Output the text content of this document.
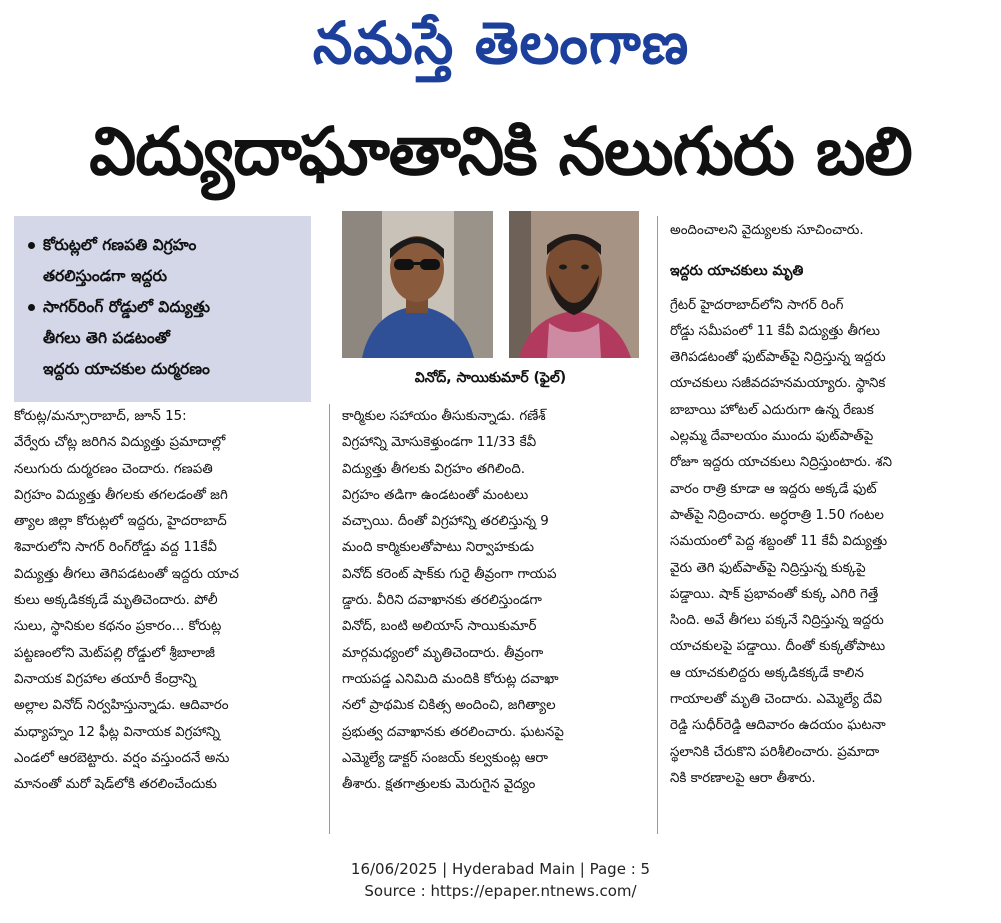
నమస్తే తెలంగాణ
విద్యుదాఘాతానికి నలుగురు బలి
కోరుట్లలో గణపతి విగ్రహం
తరలిస్తుండగా ఇద్దరు
సాగర్‌రింగ్ రోడ్డులో విద్యుత్తు
తీగలు తెగి పడటంతో
ఇద్దరు యాచకుల దుర్మరణం	వినోద్, సాయికుమార్ (ఫైల్)
కోరుట్ల/మన్సూరాబాద్, జూన్ 15:
వేర్వేరు చోట్ల జరిగిన విద్యుత్తు ప్రమాదాల్లో
నలుగురు దుర్మరణం చెందారు. గణపతి
విగ్రహం విద్యుత్తు తీగలకు తగలడంతో జగి
త్యాల జిల్లా కోరుట్లలో ఇద్దరు, హైదరాబాద్
శివారులోని సాగర్ రింగ్‌రోడ్డు వద్ద 11కేవీ
విద్యుత్తు తీగలు తెగిపడటంతో ఇద్దరు యాచ
కులు అక్కడికక్కడే మృతిచెందారు. పోలీ
సులు, స్థానికుల కథనం ప్రకారం... కోరుట్ల
పట్టణంలోని మెట్‌పల్లి రోడ్డులో శ్రీబాలాజీ
వినాయక విగ్రహాల తయారీ కేంద్రాన్ని
అల్లాల వినోద్ నిర్వహిస్తున్నాడు. ఆదివారం
మధ్యాహ్నం 12 ఫీట్ల వినాయక విగ్రహాన్ని
ఎండలో ఆరబెట్టారు. వర్షం వస్తుందనే అను
మానంతో మరో షెడ్‌లోకి తరలించేందుకు
కార్మికుల సహాయం తీసుకున్నాడు. గణేశ్
విగ్రహాన్ని మోసుకెళ్తుండగా 11/33 కేవీ
విద్యుత్తు తీగలకు విగ్రహం తగిలింది.
విగ్రహం తడిగా ఉండటంతో మంటలు
వచ్చాయి. దీంతో విగ్రహాన్ని తరలిస్తున్న 9
మంది కార్మికులతోపాటు నిర్వాహకుడు
వినోద్ కరెంట్ షాక్‌కు గురై తీవ్రంగా గాయప
డ్డారు. వీరిని దవాఖానకు తరలిస్తుండగా
వినోద్, బంటి అలియాస్ సాయికుమార్
మార్గమధ్యంలో మృతిచెందారు. తీవ్రంగా
గాయపడ్డ ఎనిమిది మందికి కోరుట్ల దవాఖా
నలో ప్రాథమిక చికిత్స అందించి, జగిత్యాల
ప్రభుత్వ దవాఖానకు తరలించారు. ఘటనపై
ఎమ్మెల్యే డాక్టర్ సంజయ్ కల్వకుంట్ల ఆరా
తీశారు. క్షతగాత్రులకు మెరుగైన వైద్యం
అందించాలని వైద్యులకు సూచించారు.
ఇద్దరు యాచకులు మృతి
గ్రేటర్ హైదరాబాద్‌లోని సాగర్ రింగ్
రోడ్డు సమీపంలో 11 కేవీ విద్యుత్తు తీగలు
తెగిపడటంతో ఫుట్‌పాత్‌పై నిద్రిస్తున్న ఇద్దరు
యాచకులు సజీవదహనమయ్యారు. స్థానిక
బాబాయి హోటల్ ఎదురుగా ఉన్న రేణుక
ఎల్లమ్మ దేవాలయం ముందు ఫుట్‌పాత్‌పై
రోజూ ఇద్దరు యాచకులు నిద్రిస్తుంటారు. శని
వారం రాత్రి కూడా ఆ ఇద్దరు అక్కడే ఫుట్
పాత్‌పై నిద్రించారు. అర్ధరాత్రి 1.50 గంటల
సమయంలో పెద్ద శబ్దంతో 11 కేవీ విద్యుత్తు
వైరు తెగి ఫుట్‌పాత్‌పై నిద్రిస్తున్న కుక్కపై
పడ్డాయి. షాక్ ప్రభావంతో కుక్క ఎగిరి గెత్తే
సింది. అవే తీగలు పక్కనే నిద్రిస్తున్న ఇద్దరు
యాచకులపై పడ్డాయి. దీంతో కుక్కతోపాటు
ఆ యాచకులిద్దరు అక్కడికక్కడే కాలిన
గాయాలతో మృతి చెందారు. ఎమ్మెల్యే దేవి
రెడ్డి సుధీర్‌రెడ్డి ఆదివారం ఉదయం ఘటనా
స్థలానికి చేరుకొని పరిశీలించారు. ప్రమాదా
నికి కారణాలపై ఆరా తీశారు.
16/06/2025 | Hyderabad Main | Page : 5
Source : https://epaper.ntnews.com/
